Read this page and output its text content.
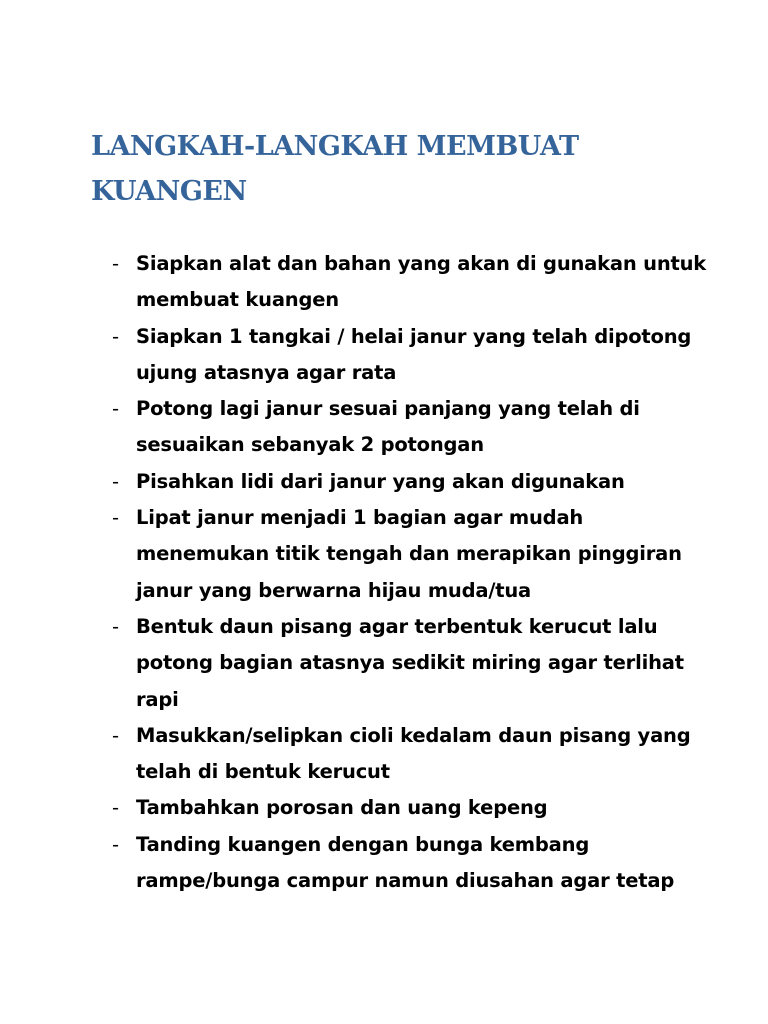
LANGKAH-LANGKAH MEMBUAT
KUANGEN
- Siapkan alat dan bahan yang akan di gunakan untuk
membuat kuangen
- Siapkan 1 tangkai / helai janur yang telah dipotong
ujung atasnya agar rata
- Potong lagi janur sesuai panjang yang telah di
sesuaikan sebanyak 2 potongan
- Pisahkan lidi dari janur yang akan digunakan
- Lipat janur menjadi 1 bagian agar mudah
menemukan titik tengah dan merapikan pinggiran
janur yang berwarna hijau muda/tua
- Bentuk daun pisang agar terbentuk kerucut lalu
potong bagian atasnya sedikit miring agar terlihat
rapi
- Masukkan/selipkan cioli kedalam daun pisang yang
telah di bentuk kerucut
- Tambahkan porosan dan uang kepeng
- Tanding kuangen dengan bunga kembang
rampe/bunga campur namun diusahan agar tetap
